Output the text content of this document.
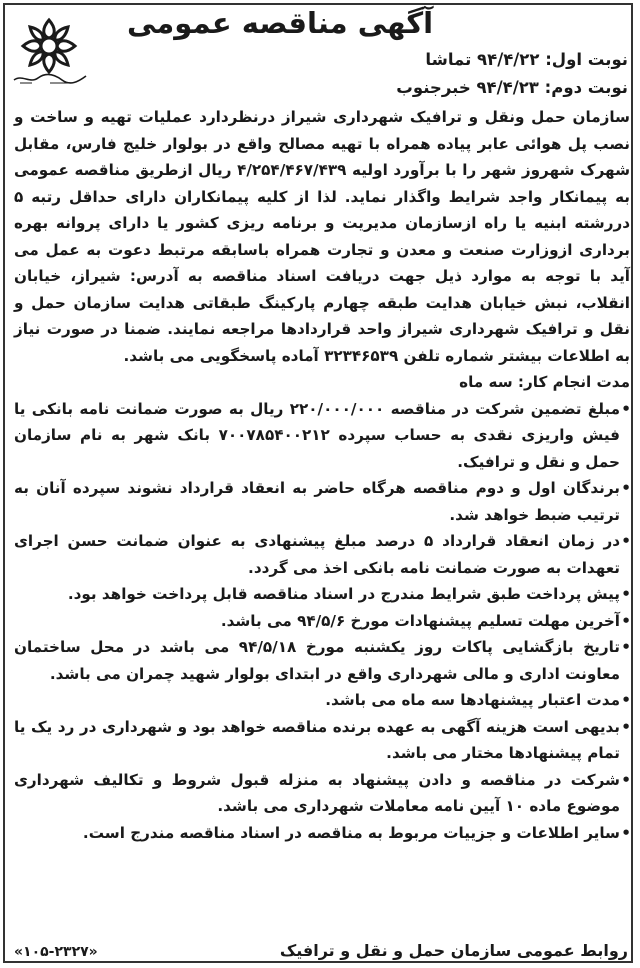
آگهی مناقصه عمومی
نوبت اول: ۹۴/۴/۲۲ تماشا
نوبت دوم: ۹۴/۴/۲۳ خبرجنوب

سازمان حمل ونقل و ترافیک شهرداری شیراز درنظردارد عملیات تهیه و ساخت و نصب پل هوائی عابر پیاده همراه با تهیه مصالح واقع در بولوار خلیج فارس، مقابل شهرک شهروز شهر را با برآورد اولیه ۴/۲۵۴/۴۶۷/۴۳۹ ریال ازطریق مناقصه عمومی به پیمانکار واجد شرایط واگذار نماید. لذا از کلیه پیمانکاران دارای حداقل رتبه ۵ دررشته ابنیه یا راه ازسازمان مدیریت و برنامه ریزی کشور یا دارای پروانه بهره برداری ازوزارت صنعت و معدن و تجارت همراه باسابقه مرتبط دعوت به عمل می آید با توجه به موارد ذیل جهت دریافت اسناد مناقصه به آدرس: شیراز، خیابان انقلاب، نبش خیابان هدایت طبقه چهارم پارکینگ طبقاتی هدایت سازمان حمل و نقل و ترافیک شهرداری شیراز واحد قراردادها مراجعه نمایند. ضمنا در صورت نیاز به اطلاعات بیشتر شماره تلفن ۳۲۳۴۶۵۳۹ آماده پاسخگویی می باشد.

مدت انجام کار: سه ماه

• مبلغ تضمین شرکت در مناقصه ۲۲۰/۰۰۰/۰۰۰ ریال به صورت ضمانت نامه بانکی یا فیش واریزی نقدی به حساب سپرده ۷۰۰۷۸۵۴۰۰۲۱۲ بانک شهر به نام سازمان حمل و نقل و ترافیک.
• برندگان اول و دوم مناقصه هرگاه حاضر به انعقاد قرارداد نشوند سپرده آنان به ترتیب ضبط خواهد شد.
• در زمان انعقاد قرارداد ۵ درصد مبلغ پیشنهادی به عنوان ضمانت حسن اجرای تعهدات به صورت ضمانت نامه بانکی اخذ می گردد.
• پیش پرداخت طبق شرایط مندرج در اسناد مناقصه قابل پرداخت خواهد بود.
• آخرین مهلت تسلیم پیشنهادات مورخ ۹۴/۵/۶ می باشد.
• تاریخ بازگشایی پاکات روز یکشنبه مورخ ۹۴/۵/۱۸ می باشد در محل ساختمان معاونت اداری و مالی شهرداری واقع در ابتدای بولوار شهید چمران می باشد.
• مدت اعتبار پیشنهادها سه ماه می باشد.
• بدیهی است هزینه آگهی به عهده برنده مناقصه خواهد بود و شهرداری در رد یک یا تمام پیشنهادها مختار می باشد.
• شرکت در مناقصه و دادن پیشنهاد به منزله قبول شروط و تکالیف شهرداری موضوع ماده ۱۰ آیین نامه معاملات شهرداری می باشد.
• سایر اطلاعات و جزییات مربوط به مناقصه در اسناد مناقصه مندرج است.
روابط عمومی سازمان حمل و نقل و ترافیک
«۱۰۵-۲۳۲۷»
